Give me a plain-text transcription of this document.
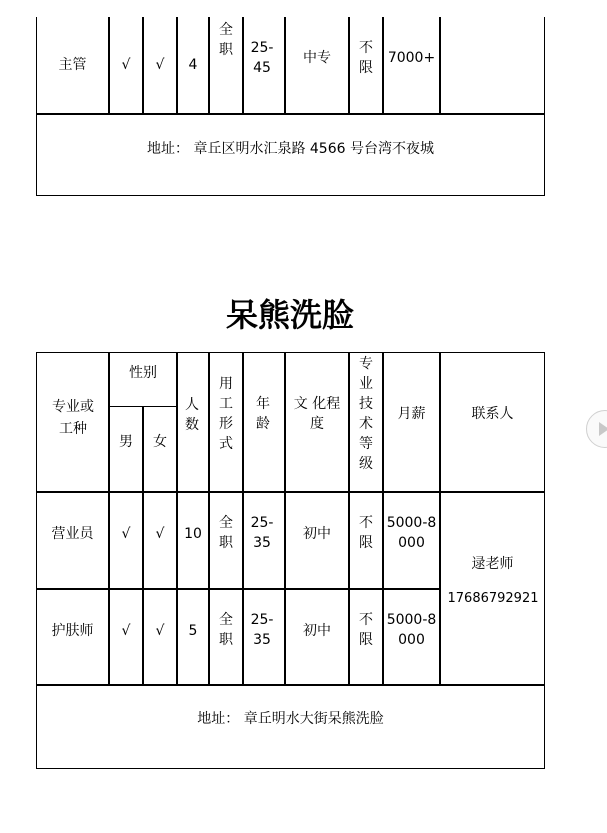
主管	√ √ 4
全职 25-45
中专
不限
7000+
地址： 章丘区明水汇泉路 4566 号台湾不夜城
呆熊洗脸
专业或工种
性别
男 女
人数
用工形式
年龄
文 化程 度
专业技术等级
月薪	联系人
营业员 √ √ 10
全职
25-35
初中
不限
5000-8000
护肤师 √ √ 5
全职
25-35
初中
不限
5000-8000
逯老师
17686792921
地址： 章丘明水大街呆熊洗脸
